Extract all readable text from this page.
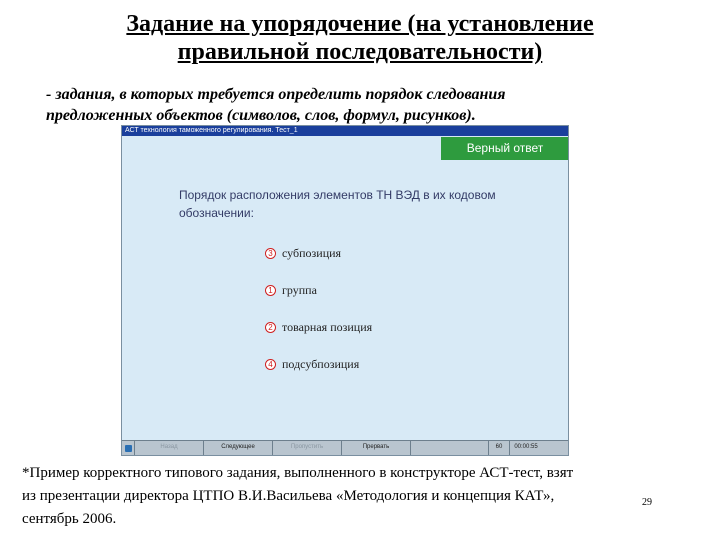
Задание на упорядочение (на установление
правильной последовательности)
- задания, в которых требуется определить порядок следования
предложенных объектов (символов, слов, формул, рисунков).
АСТ технология таможенного регулирования. Тест_1
Верный ответ
Порядок расположения элементов ТН ВЭД в их кодовом
обозначении:
3 субпозиция
1 группа
2 товарная позиция
4 подсубпозиция
Назад	Следующее	Пропустить	Прервать	60	00:00:55
*Пример корректного типового задания, выполненного в конструкторе АСТ-тест, взят
из презентации директора ЦТПО В.И.Васильева «Методология и концепция КАТ»,
сентябрь 2006.
29
